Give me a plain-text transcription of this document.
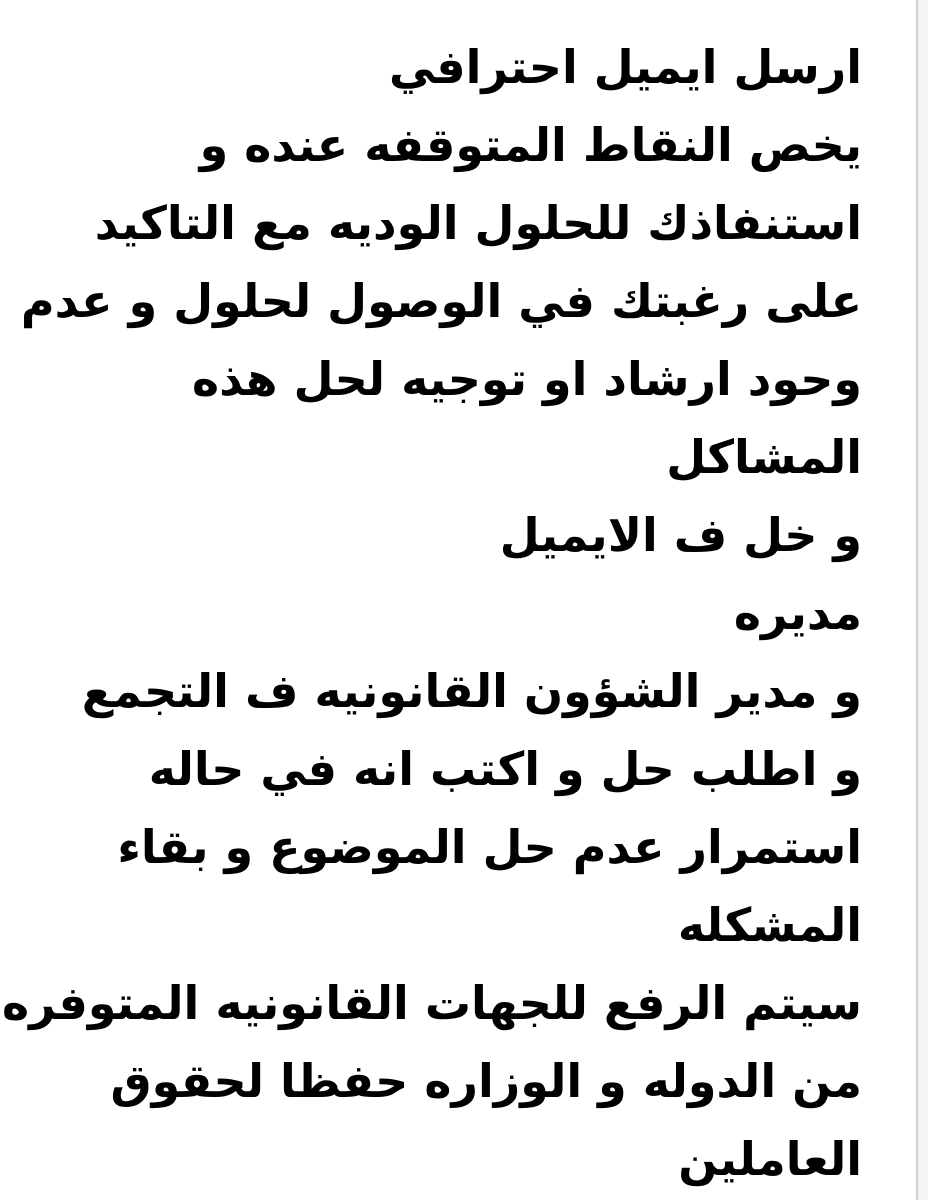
ارسل ايميل احترافي
يخص النقاط المتوقفه عنده و
استنفاذك للحلول الوديه مع التاكيد
على رغبتك في الوصول لحلول و عدم
وحود ارشاد او توجيه لحل هذه
المشاكل
و خل ف الايميل
مديره
و مدير الشؤون القانونيه ف التجمع
و اطلب حل و اكتب انه في حاله
استمرار عدم حل الموضوع و بقاء
المشكله
سيتم الرفع للجهات القانونيه المتوفره
من الدوله و الوزاره حفظا لحقوق
العاملين
